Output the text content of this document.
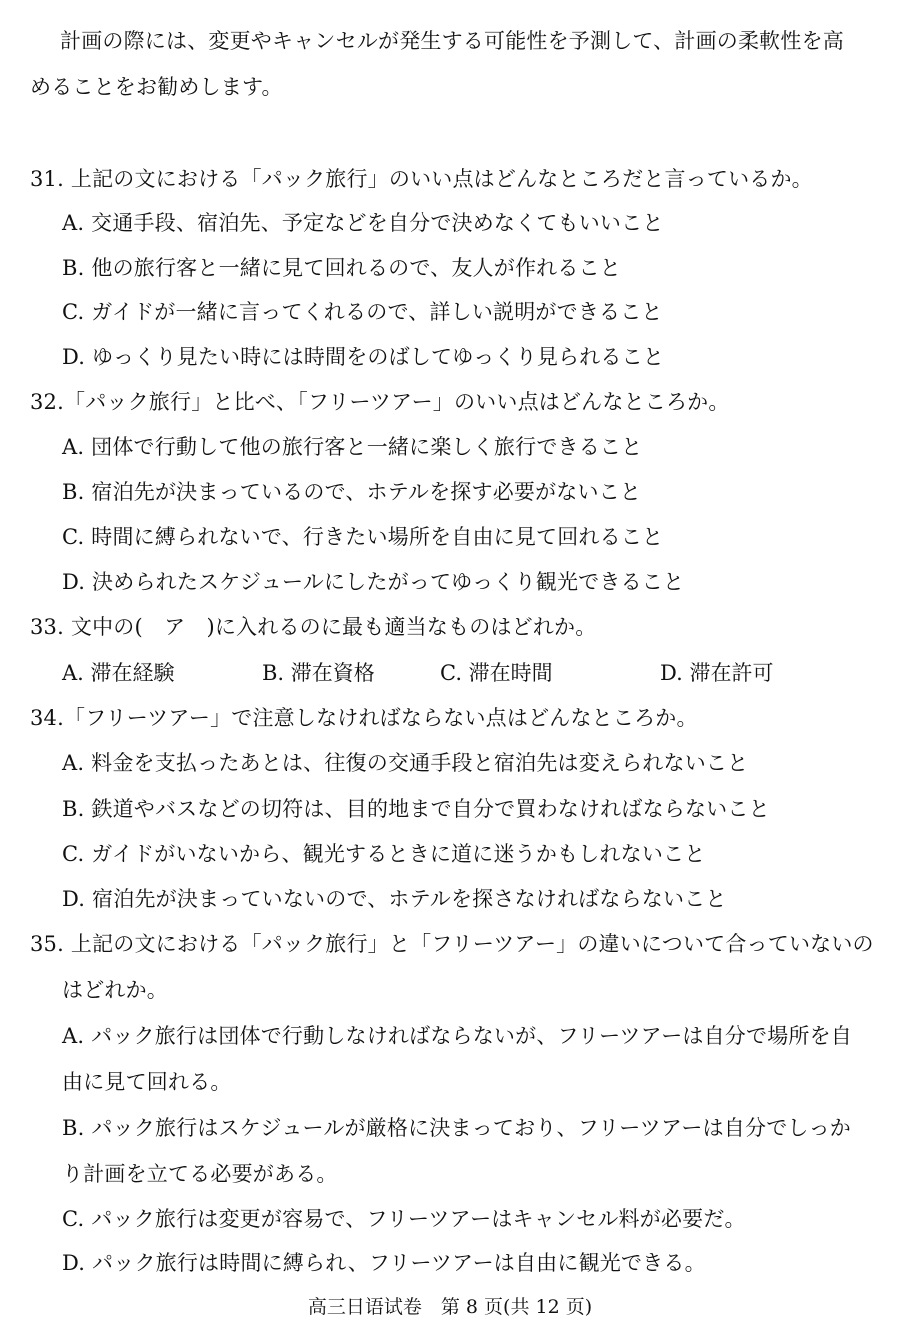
計画の際には、変更やキャンセルが発生する可能性を予測して、計画の柔軟性を高
めることをお勧めします。
31. 上記の文における「パック旅行」のいい点はどんなところだと言っているか。
A. 交通手段、宿泊先、予定などを自分で決めなくてもいいこと
B. 他の旅行客と一緒に見て回れるので、友人が作れること
C. ガイドが一緒に言ってくれるので、詳しい説明ができること
D. ゆっくり見たい時には時間をのばしてゆっくり見られること
32.「パック旅行」と比べ、「フリーツアー」のいい点はどんなところか。
A. 団体で行動して他の旅行客と一緒に楽しく旅行できること
B. 宿泊先が決まっているので、ホテルを探す必要がないこと
C. 時間に縛られないで、行きたい場所を自由に見て回れること
D. 決められたスケジュールにしたがってゆっくり観光できること
33. 文中の(　ア　)に入れるのに最も適当なものはどれか。
A. 滞在経験	B. 滞在資格	C. 滞在時間	D. 滞在許可
34.「フリーツアー」で注意しなければならない点はどんなところか。
A. 料金を支払ったあとは、往復の交通手段と宿泊先は変えられないこと
B. 鉄道やバスなどの切符は、目的地まで自分で買わなければならないこと
C. ガイドがいないから、観光するときに道に迷うかもしれないこと
D. 宿泊先が決まっていないので、ホテルを探さなければならないこと
35. 上記の文における「パック旅行」と「フリーツアー」の違いについて合っていないの
はどれか。
A. パック旅行は団体で行動しなければならないが、フリーツアーは自分で場所を自
由に見て回れる。
B. パック旅行はスケジュールが厳格に決まっており、フリーツアーは自分でしっか
り計画を立てる必要がある。
C. パック旅行は変更が容易で、フリーツアーはキャンセル料が必要だ。
D. パック旅行は時間に縛られ、フリーツアーは自由に観光できる。
高三日语试卷　第 8 页(共 12 页)
